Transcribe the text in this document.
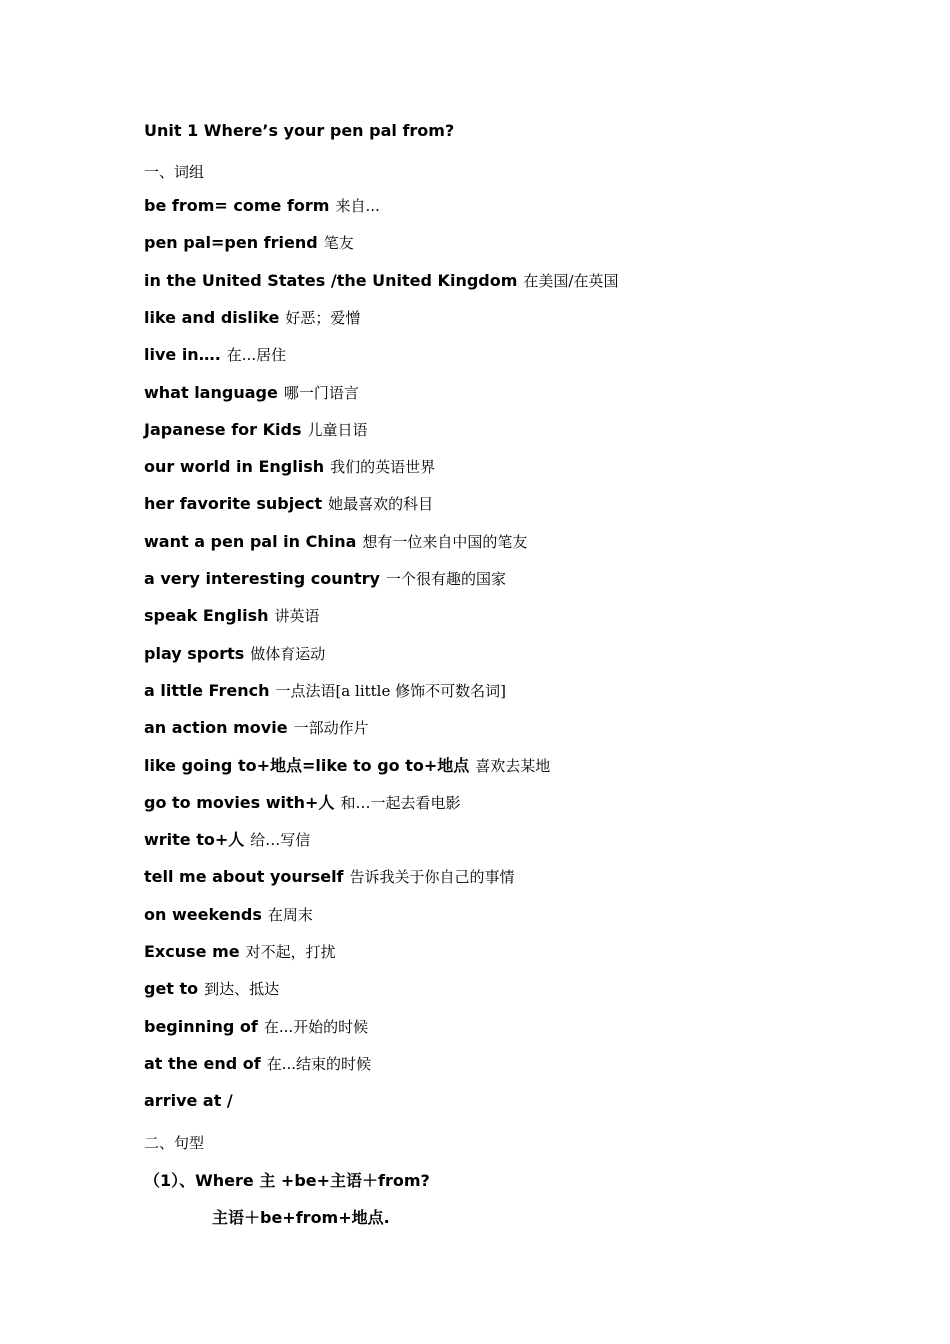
Unit 1 Where’s your pen pal from?
一、词组
be from= come form 来自...
pen pal=pen friend 笔友
in the United States /the United Kingdom 在美国/在英国
like and dislike 好恶；爱憎
live in…. 在...居住
what language 哪一门语言
Japanese for Kids 儿童日语
our world in English 我们的英语世界
her favorite subject 她最喜欢的科目
want a pen pal in China 想有一位来自中国的笔友
a very interesting country 一个很有趣的国家
speak English 讲英语
play sports 做体育运动
a little French 一点法语[a little 修饰不可数名词]
an action movie 一部动作片
like going to+地点=like to go to+地点 喜欢去某地
go to movies with+人 和…一起去看电影
write to+人 给…写信
tell me about yourself 告诉我关于你自己的事情
on weekends 在周末
Excuse me 对不起，打扰
get to 到达、抵达
beginning of 在...开始的时候
at the end of 在...结束的时候
arrive at /
二、句型
（1）、Where 主 +be+主语＋from?
主语＋be+from+地点.
